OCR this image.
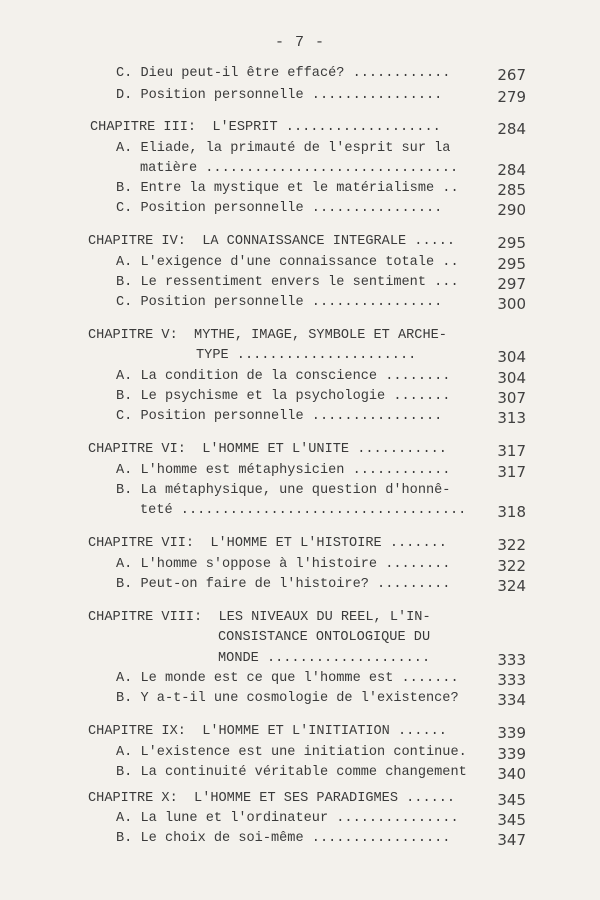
- 7 -
C. Dieu peut-il être effacé? ............	267
D. Position personnelle ................	279
CHAPITRE III:  L'ESPRIT ...................	284
A. Eliade, la primauté de l'esprit sur la
matière ...............................	284
B. Entre la mystique et le matérialisme ..	285
C. Position personnelle ................	290
CHAPITRE IV:  LA CONNAISSANCE INTEGRALE .....	295
A. L'exigence d'une connaissance totale ..	295
B. Le ressentiment envers le sentiment ...	297
C. Position personnelle ................	300
CHAPITRE V:  MYTHE, IMAGE, SYMBOLE ET ARCHE-
TYPE ......................	304
A. La condition de la conscience ........	304
B. Le psychisme et la psychologie .......	307
C. Position personnelle ................	313
CHAPITRE VI:  L'HOMME ET L'UNITE ...........	317
A. L'homme est métaphysicien ............	317
B. La métaphysique, une question d'honnê-
teté ...................................	318
CHAPITRE VII:  L'HOMME ET L'HISTOIRE .......	322
A. L'homme s'oppose à l'histoire ........	322
B. Peut-on faire de l'histoire? .........	324
CHAPITRE VIII:  LES NIVEAUX DU REEL, L'IN-
CONSISTANCE ONTOLOGIQUE DU
MONDE ....................	333
A. Le monde est ce que l'homme est .......	333
B. Y a-t-il une cosmologie de l'existence?	334
CHAPITRE IX:  L'HOMME ET L'INITIATION ......	339
A. L'existence est une initiation continue.	339
B. La continuité véritable comme changement	340
CHAPITRE X:  L'HOMME ET SES PARADIGMES ......	345
A. La lune et l'ordinateur ...............	345
B. Le choix de soi-même .................	347
